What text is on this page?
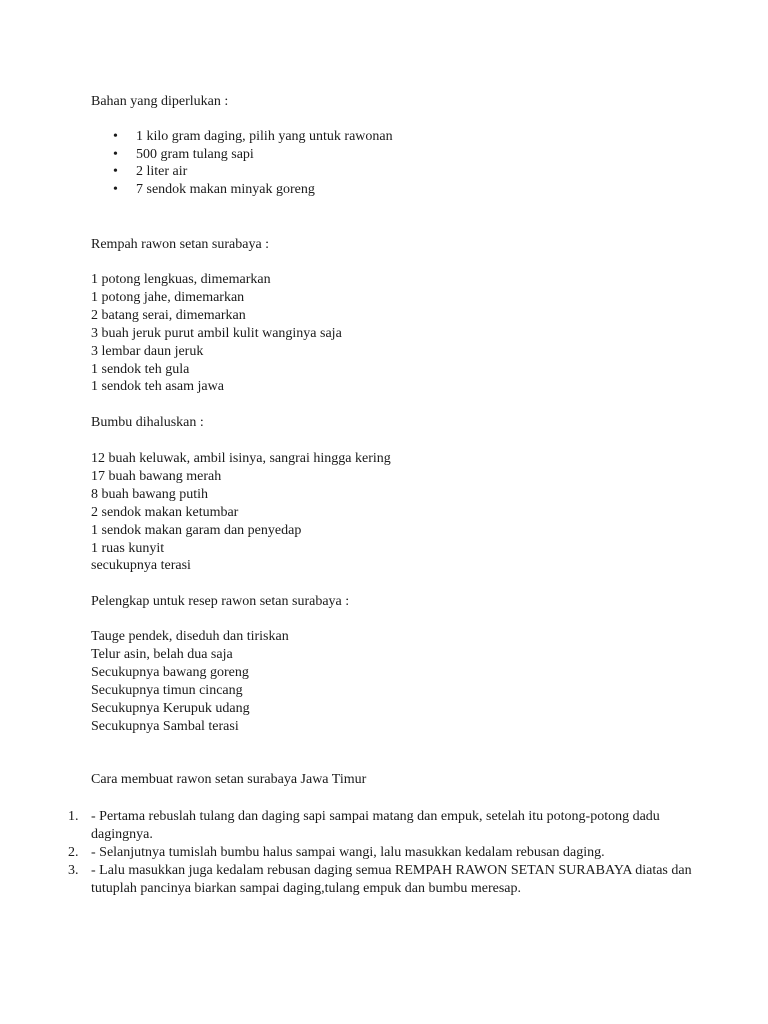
Bahan yang diperlukan :

• 1 kilo gram daging, pilih yang untuk rawonan
• 500 gram tulang sapi
• 2 liter air
• 7 sendok makan minyak goreng

Rempah rawon setan surabaya :

1 potong lengkuas, dimemarkan
1 potong jahe, dimemarkan
2 batang serai, dimemarkan
3 buah jeruk purut ambil kulit wanginya saja
3 lembar daun jeruk
1 sendok teh gula
1 sendok teh asam jawa

Bumbu dihaluskan :

12 buah keluwak, ambil isinya, sangrai hingga kering
17 buah bawang merah
8 buah bawang putih
2 sendok makan ketumbar
1 sendok makan garam dan penyedap
1 ruas kunyit
secukupnya terasi

Pelengkap untuk resep rawon setan surabaya :

Tauge pendek, diseduh dan tiriskan
Telur asin, belah dua saja
Secukupnya bawang goreng
Secukupnya timun cincang
Secukupnya Kerupuk udang
Secukupnya Sambal terasi

Cara membuat rawon setan surabaya Jawa Timur

1. - Pertama rebuslah tulang dan daging sapi sampai matang dan empuk, setelah itu potong-potong dadu dagingnya.
2. - Selanjutnya tumislah bumbu halus sampai wangi, lalu masukkan kedalam rebusan daging.
3. - Lalu masukkan juga kedalam rebusan daging semua REMPAH RAWON SETAN SURABAYA diatas dan tutuplah pancinya biarkan sampai daging,tulang empuk dan bumbu meresap.
